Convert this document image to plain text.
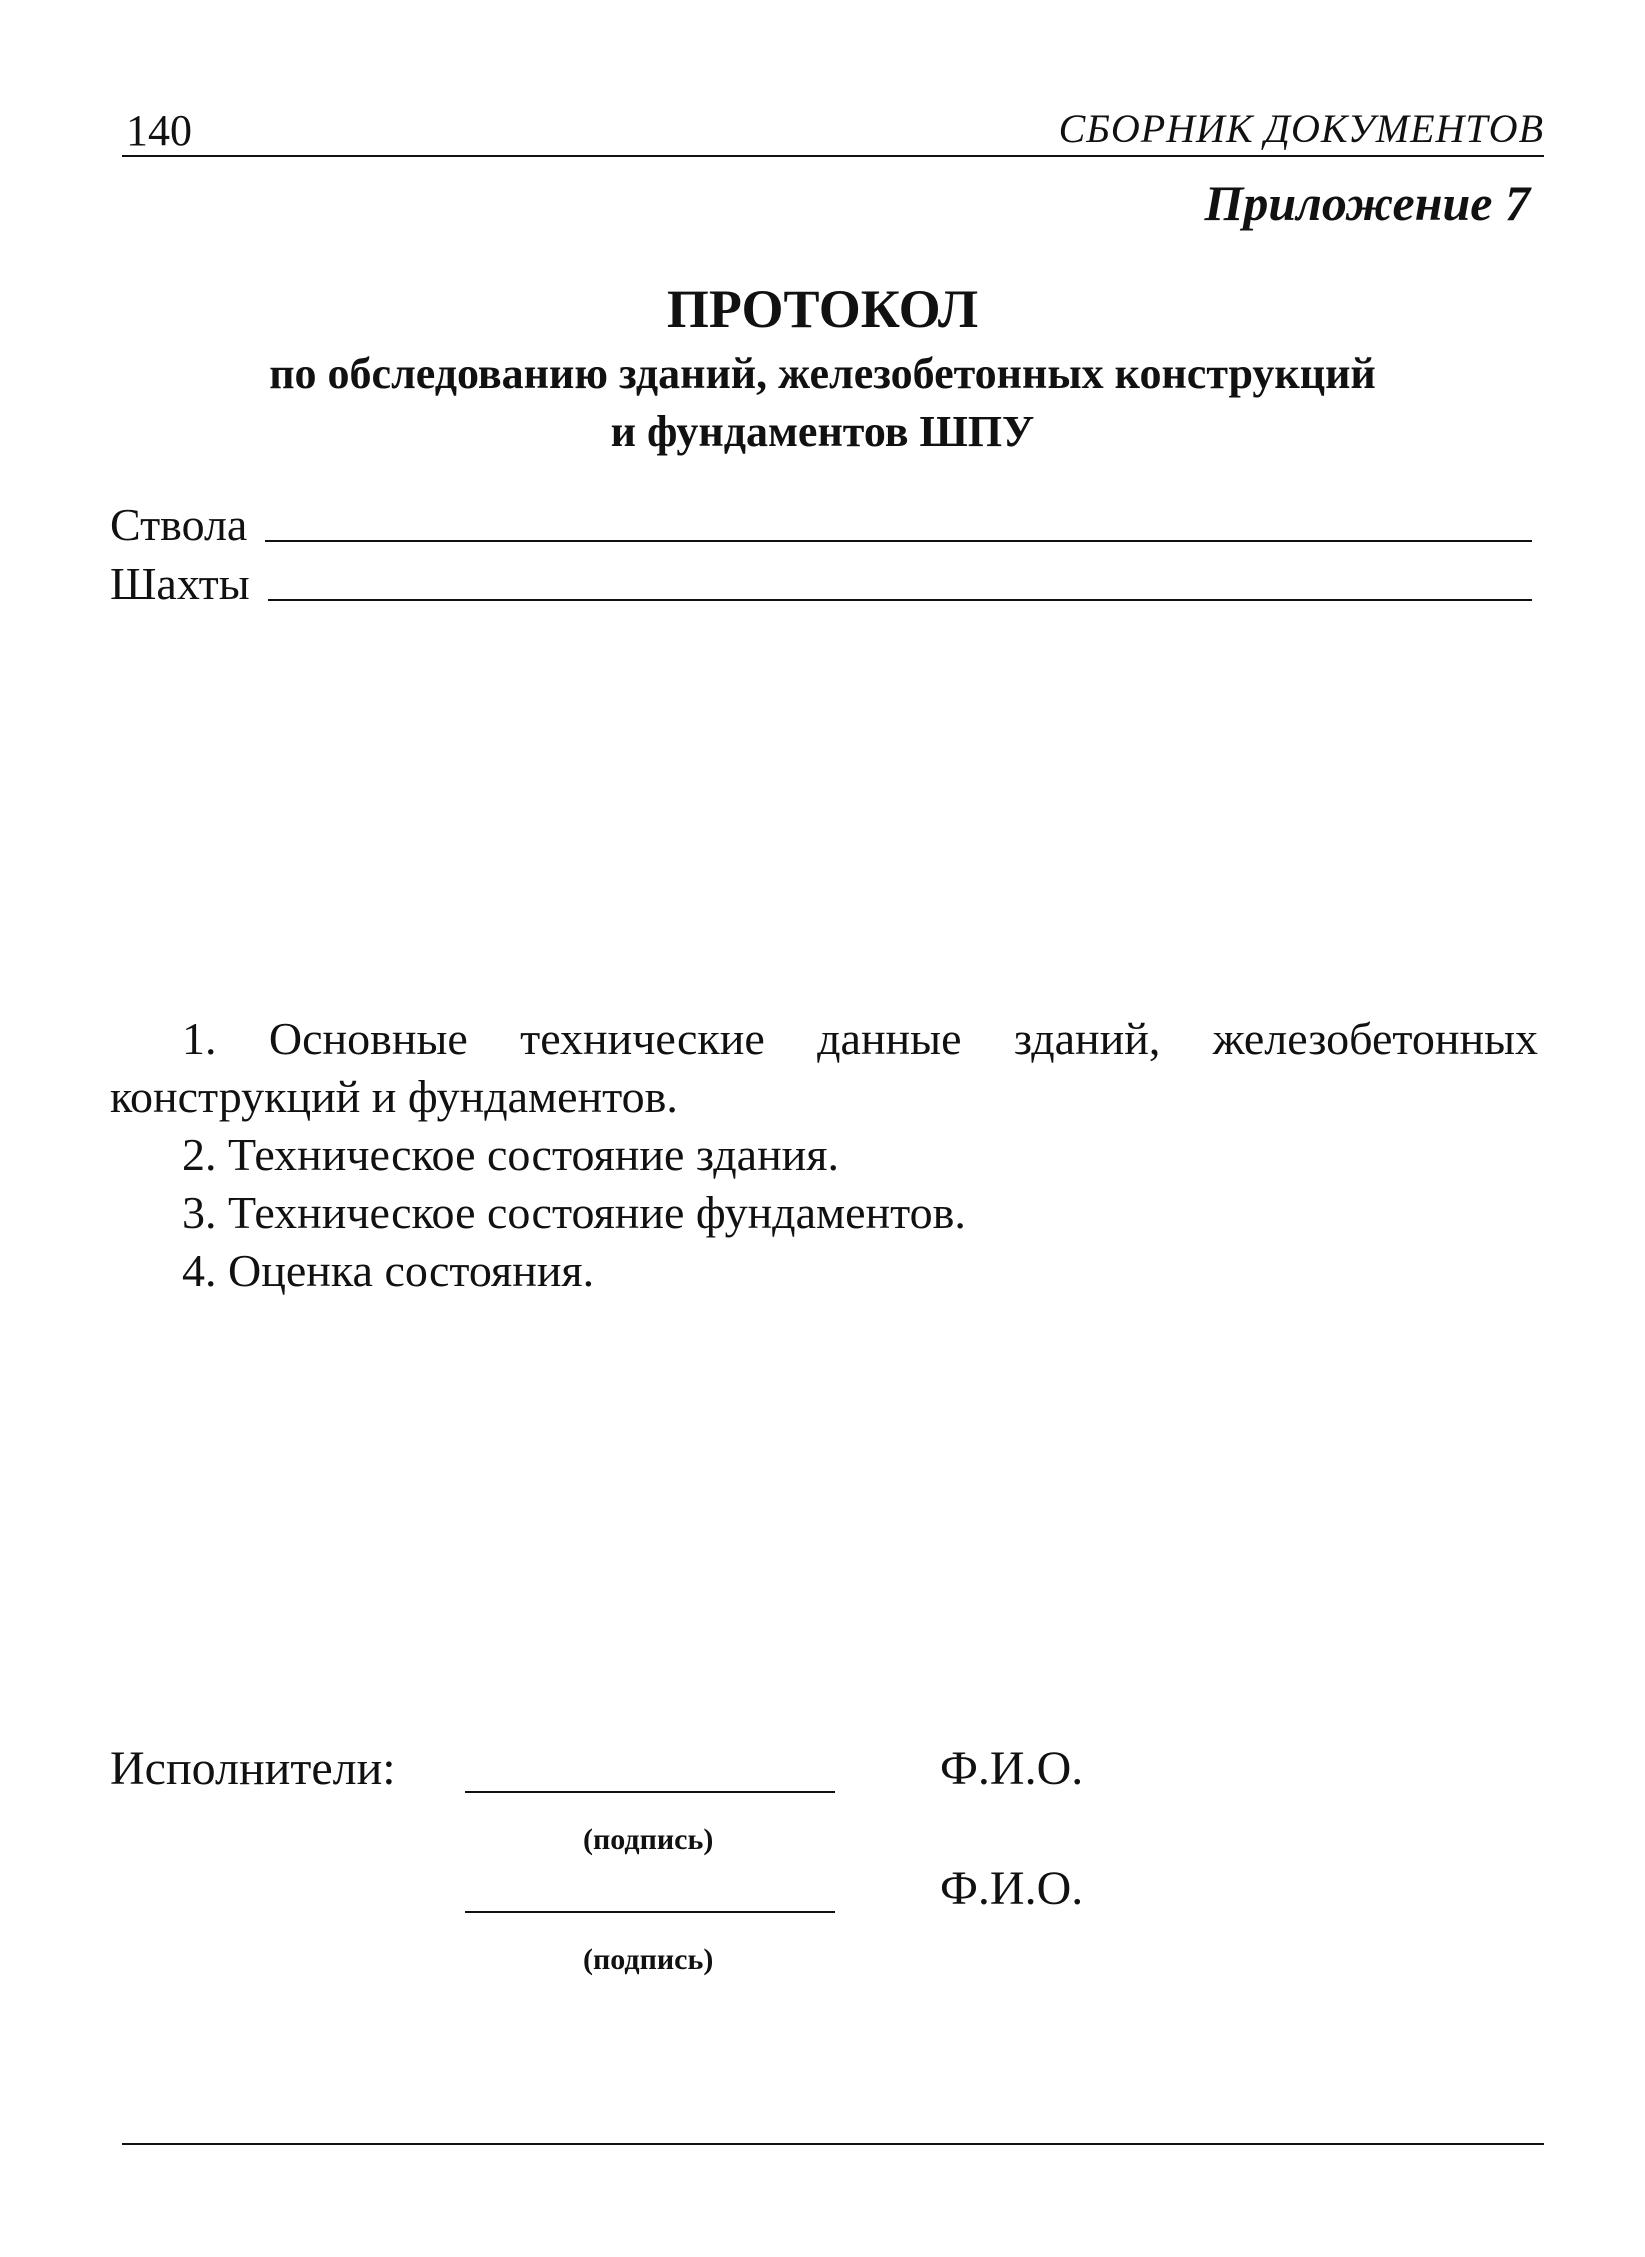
140	СБОРНИК ДОКУМЕНТОВ
Приложение 7
ПРОТОКОЛ
по обследованию зданий, железобетонных конструкций
и фундаментов ШПУ
Ствола
Шахты

1. Основные технические данные зданий, железобетонных конструкций и фундаментов.

2. Техническое состояние здания.

3. Техническое состояние фундаментов.

4. Оценка состояния.

Исполнители:
(подпись)
Ф.И.О.
Ф.И.О.
(подпись)
